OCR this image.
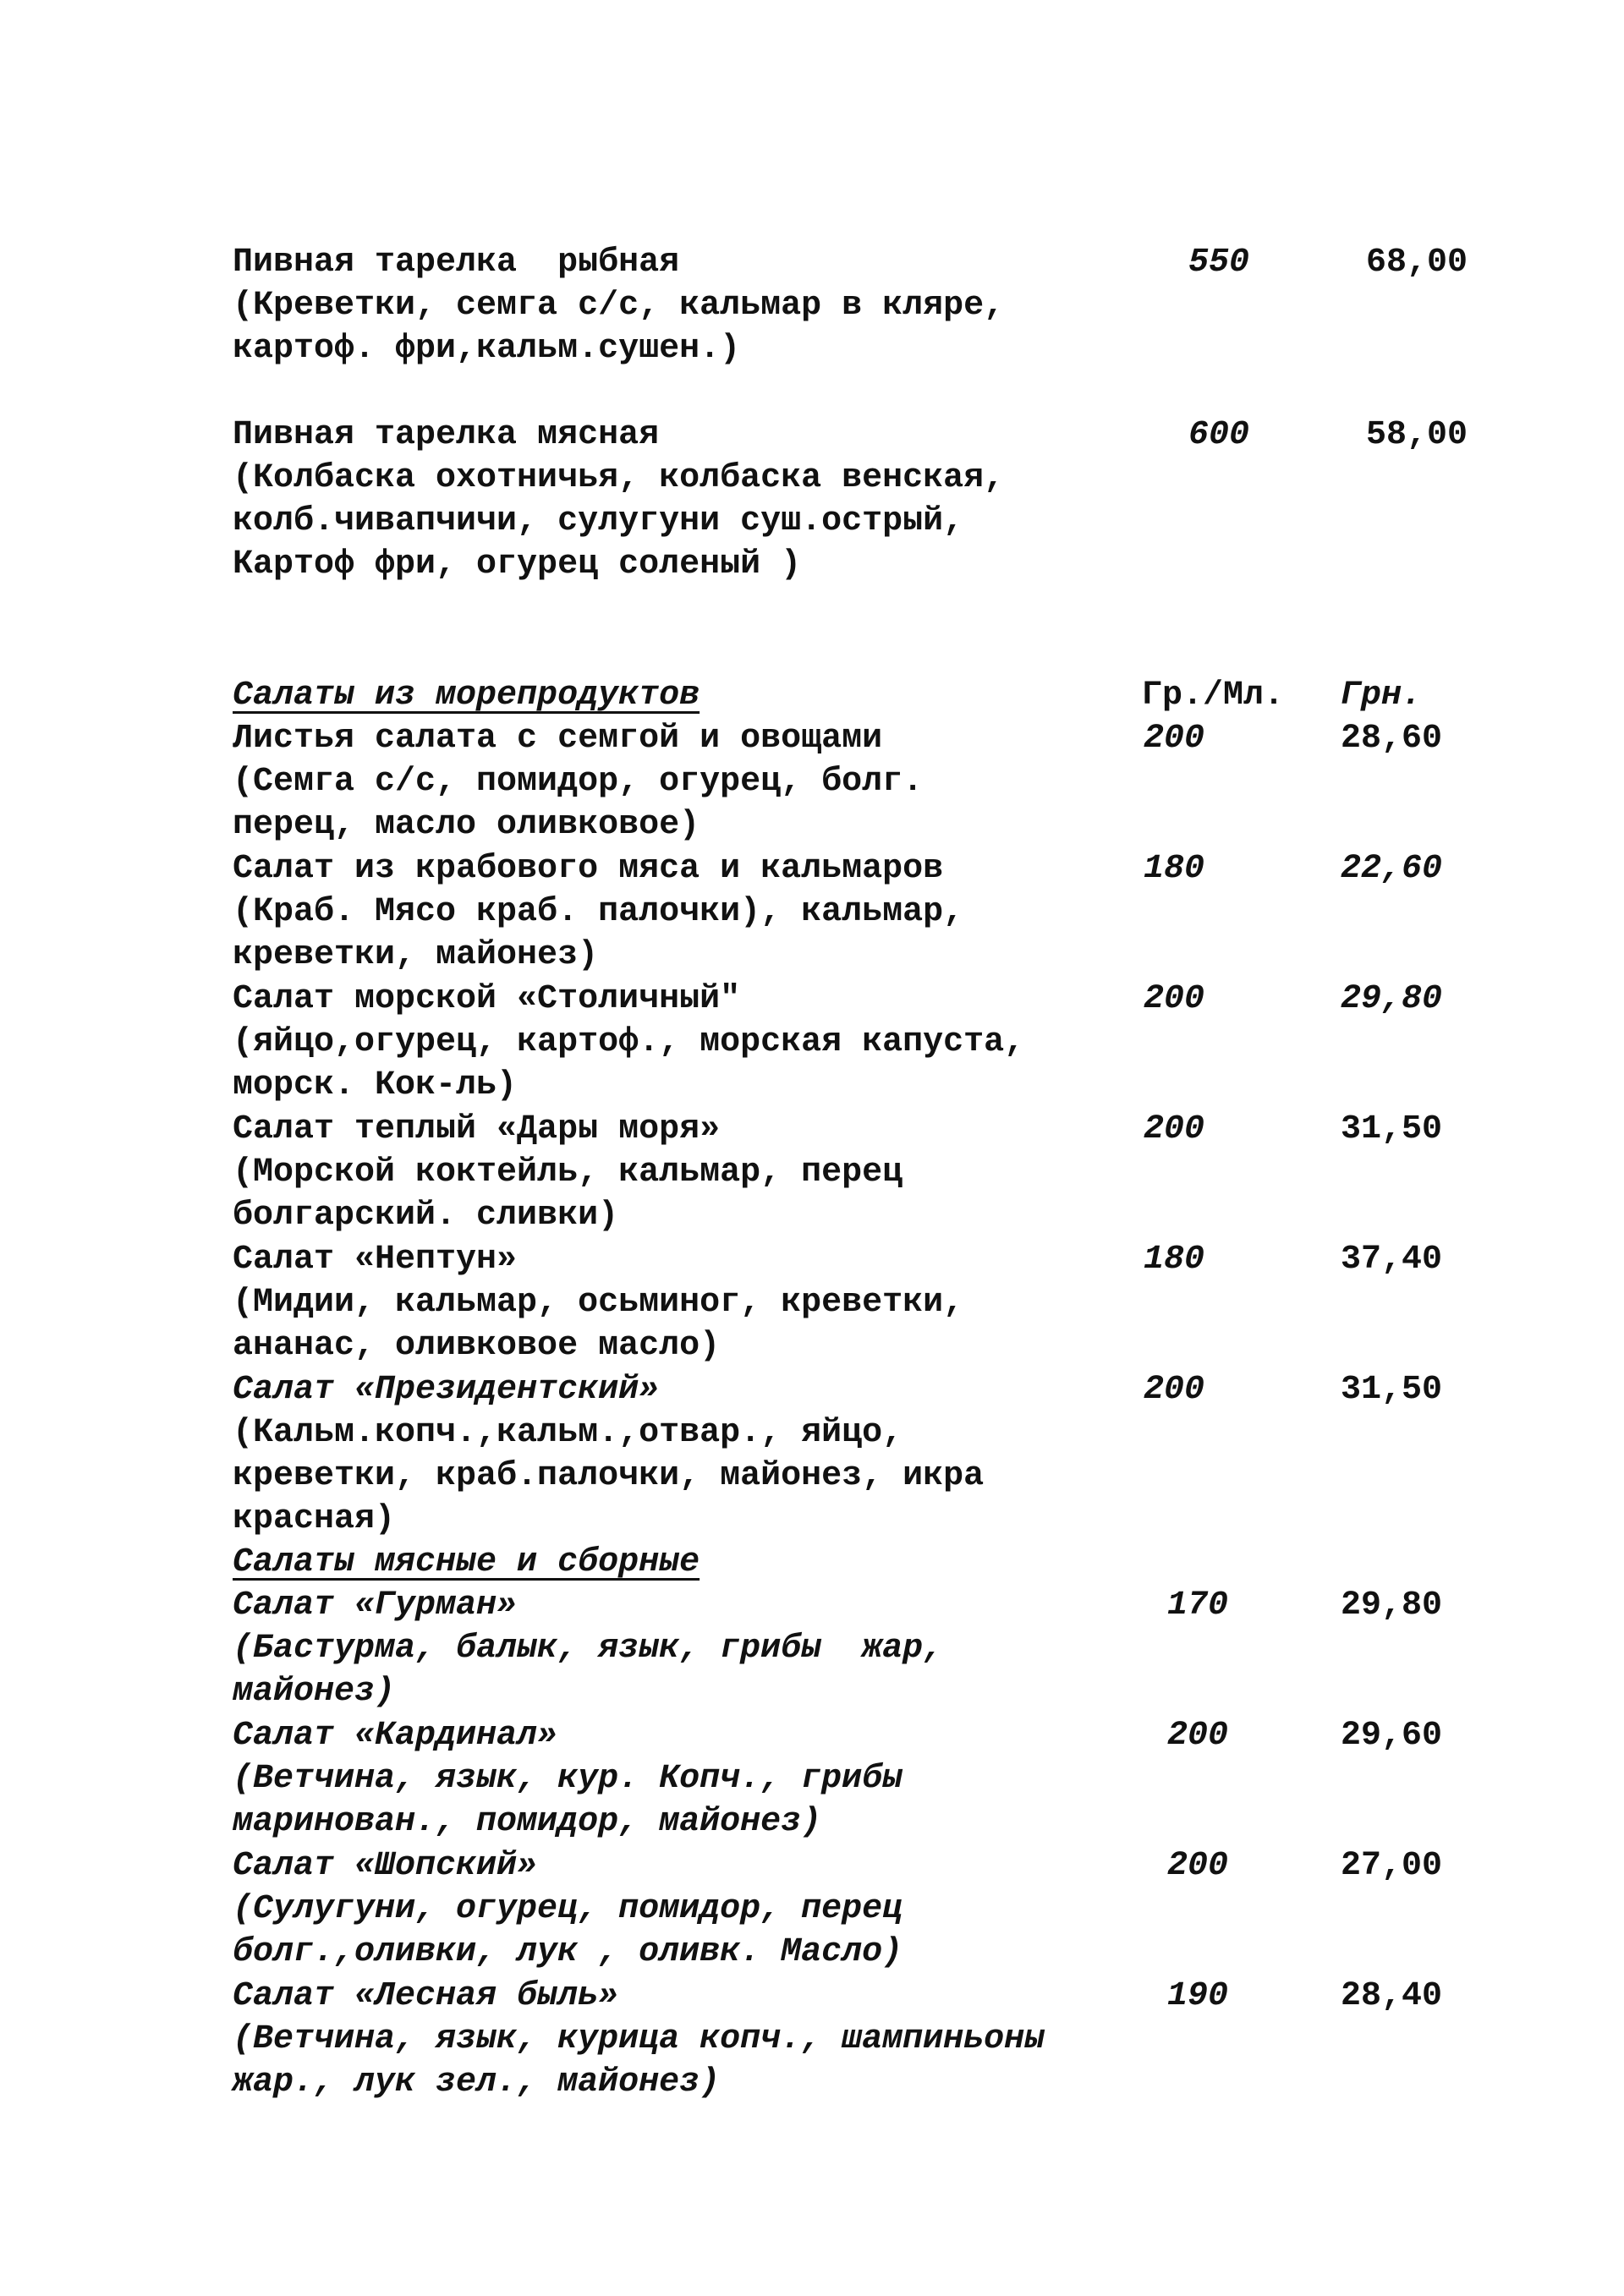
Пивная тарелка  рыбная	550	68,00
(Креветки, семга с/с, кальмар в кляре,
картоф. фри,кальм.сушен.)
Пивная тарелка мясная	600	58,00
(Колбаска охотничья, колбаска венская,
колб.чивапчичи, сулугуни суш.острый,
Картоф фри, огурец соленый )
Салаты из морепродуктов	Гр./Мл. Грн.
Листья салата с семгой и овощами	200	28,60
(Семга с/с, помидор, огурец, болг.
перец, масло оливковое)
Салат из крабового мяса и кальмаров	180	22,60
(Краб. Мясо краб. палочки), кальмар,
креветки, майонез)
Салат морской «Столичный"	200	29,80
(яйцо,огурец, картоф., морская капуста,
морск. Кок-ль)
Салат теплый «Дары моря»	200	31,50
(Морской коктейль, кальмар, перец
болгарский. сливки)
Салат «Нептун»	180	37,40
(Мидии, кальмар, осьминог, креветки,
ананас, оливковое масло)
Салат «Президентский»	200	31,50
(Кальм.копч.,кальм.,отвар., яйцо,
креветки, краб.палочки, майонез, икра
красная)
Салаты мясные и сборные
Салат «Гурман»	170	29,80
(Бастурма, балык, язык, грибы  жар,
майонез)
Салат «Кардинал»	200	29,60
(Ветчина, язык, кур. Копч., грибы
маринован., помидор, майонез)
Салат «Шопский»	200	27,00
(Сулугуни, огурец, помидор, перец
болг.,оливки, лук , оливк. Масло)
Салат «Лесная быль»	190	28,40
(Ветчина, язык, курица копч., шампиньоны
жар., лук зел., майонез)
